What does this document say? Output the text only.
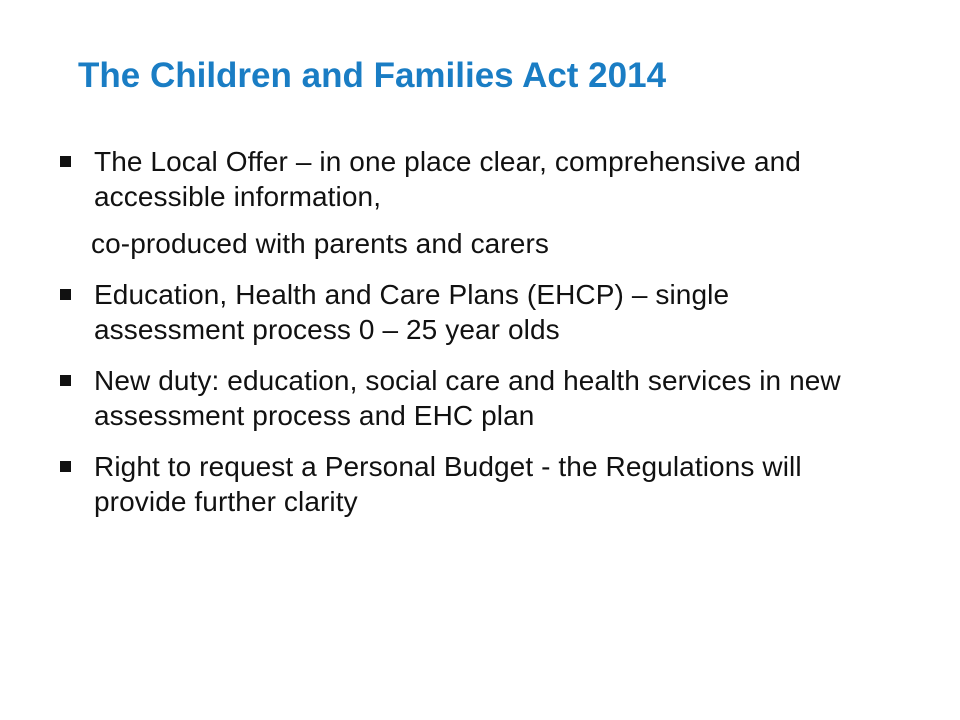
The Children and Families Act 2014
The Local Offer – in one place clear, comprehensive and accessible information,
co-produced with parents and carers
Education, Health and Care Plans (EHCP) – single assessment process 0 – 25 year olds
New duty: education, social care and health services in new assessment process and EHC plan
Right to request a Personal Budget - the Regulations will provide further clarity
